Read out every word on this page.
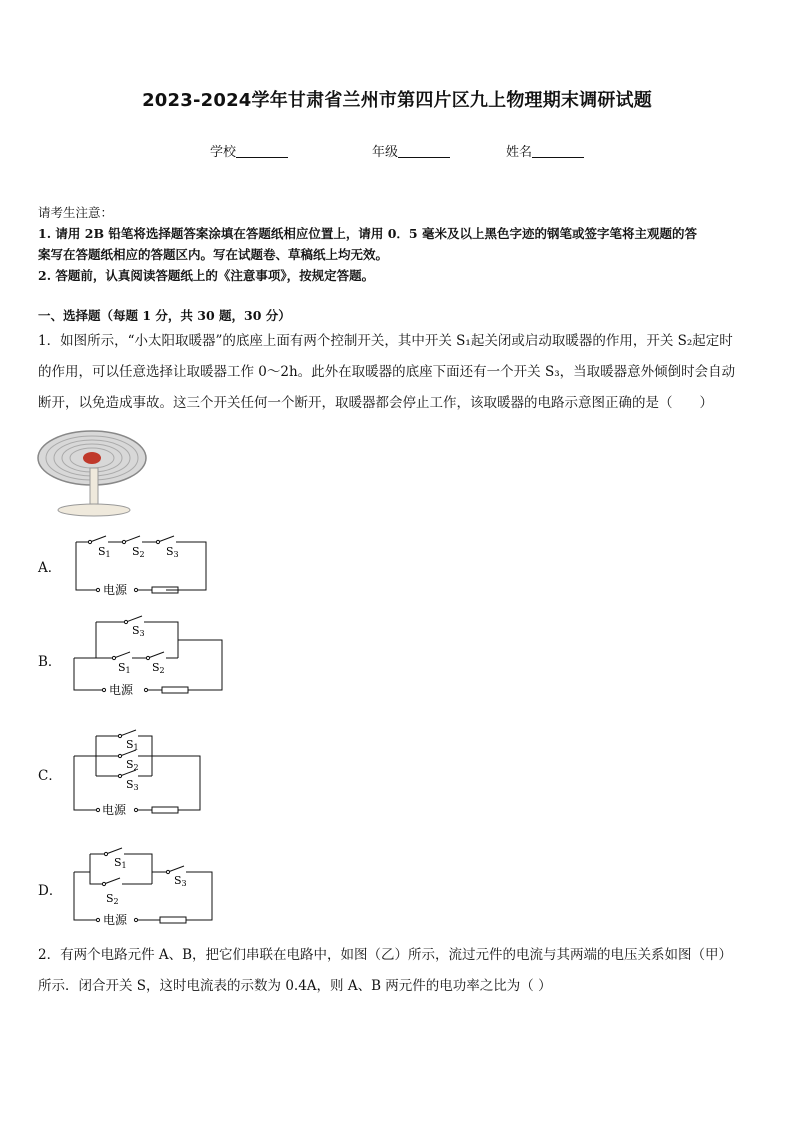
2023-2024学年甘肃省兰州市第四片区九上物理期末调研试题
学校	年级	姓名
请考生注意：
1. 请用 2B 铅笔将选择题答案涂填在答题纸相应位置上，请用 0．5 毫米及以上黑色字迹的钢笔或签字笔将主观题的答
案写在答题纸相应的答题区内。写在试题卷、草稿纸上均无效。
2. 答题前，认真阅读答题纸上的《注意事项》，按规定答题。
一、选择题（每题 1 分，共 30 题，30 分）
1．如图所示，“小太阳取暖器”的底座上面有两个控制开关，其中开关 S₁起关闭或启动取暖器的作用，开关 S₂起定时
的作用，可以任意选择让取暖器工作 0～2h。此外在取暖器的底座下面还有一个开关 S₃，当取暖器意外倾倒时会自动
断开，以免造成事故。这三个开关任何一个断开，取暖器都会停止工作，该取暖器的电路示意图正确的是（　　）
A．
B．
C．
D．
S1 S2 S3
电源
S3
S1 S2
电源
S1
S2
S3
电源
S1
S2
S3
电源
2．有两个电路元件 A、B，把它们串联在电路中，如图（乙）所示，流过元件的电流与其两端的电压关系如图（甲）
所示．闭合开关 S，这时电流表的示数为 0.4A，则 A、B 两元件的电功率之比为（ ）
